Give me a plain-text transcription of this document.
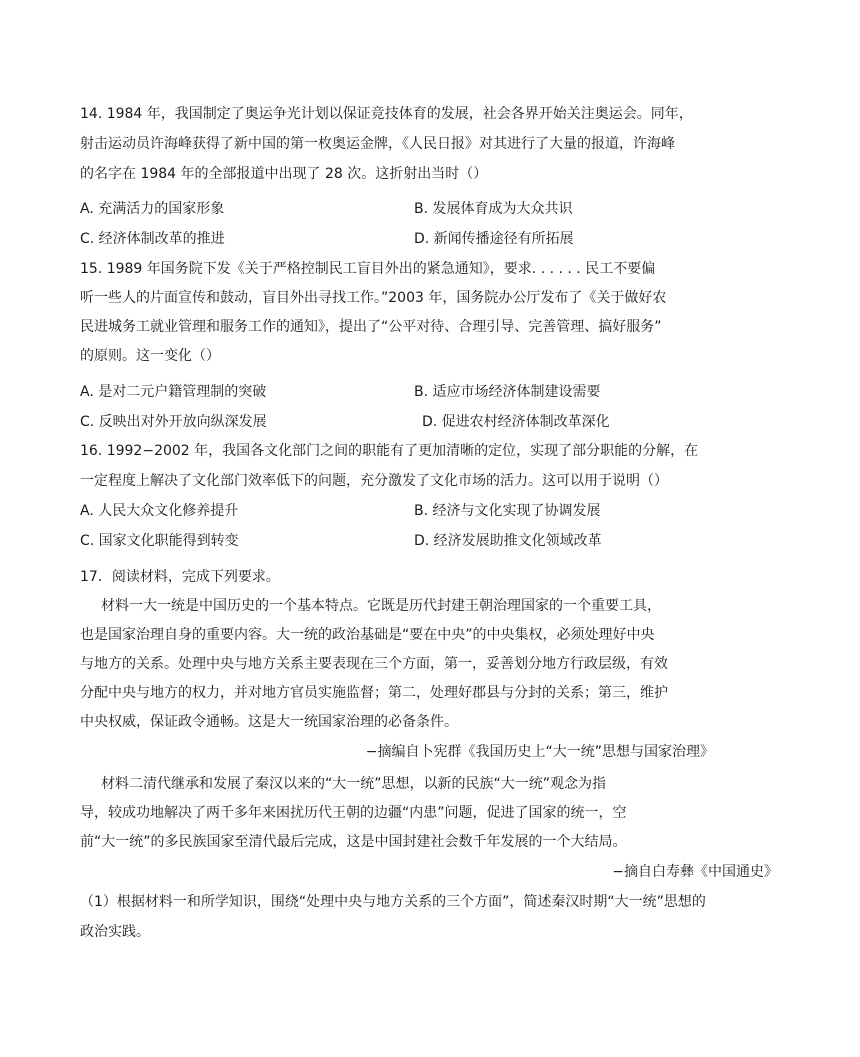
14. 1984 年，我国制定了奥运争光计划以保证竞技体育的发展，社会各界开始关注奥运会。同年，
射击运动员许海峰获得了新中国的第一枚奥运金牌，《人民日报》对其进行了大量的报道，许海峰
的名字在 1984 年的全部报道中出现了 28 次。这折射出当时（）
A. 充满活力的国家形象	B. 发展体育成为大众共识
C. 经济体制改革的推进	D. 新闻传播途径有所拓展
15. 1989 年国务院下发《关于严格控制民工盲目外出的紧急通知》，要求. . . . . . 民工不要偏
听一些人的片面宣传和鼓动，盲目外出寻找工作。”2003 年，国务院办公厅发布了《关于做好农
民进城务工就业管理和服务工作的通知》，提出了“公平对待、合理引导、完善管理、搞好服务”
的原则。这一变化（）
A. 是对二元户籍管理制的突破	B. 适应市场经济体制建设需要
C. 反映出对外开放向纵深发展	D. 促进农村经济体制改革深化
16. 1992−2002 年，我国各文化部门之间的职能有了更加清晰的定位，实现了部分职能的分解，在
一定程度上解决了文化部门效率低下的问题，充分激发了文化市场的活力。这可以用于说明（）
A. 人民大众文化修养提升	B. 经济与文化实现了协调发展
C. 国家文化职能得到转变	D. 经济发展助推文化领域改革
17．阅读材料，完成下列要求。
材料一大一统是中国历史的一个基本特点。它既是历代封建王朝治理国家的一个重要工具，
也是国家治理自身的重要内容。大一统的政治基础是“要在中央”的中央集权，必须处理好中央
与地方的关系。处理中央与地方关系主要表现在三个方面，第一，妥善划分地方行政层级，有效
分配中央与地方的权力，并对地方官员实施监督；第二，处理好郡县与分封的关系；第三，维护
中央权威，保证政令通畅。这是大一统国家治理的必备条件。
−摘编自卜宪群《我国历史上“大一统”思想与国家治理》
材料二清代继承和发展了秦汉以来的“大一统”思想，以新的民族“大一统”观念为指
导，较成功地解决了两千多年来困扰历代王朝的边疆“内患”问题，促进了国家的统一，空
前“大一统”的多民族国家至清代最后完成，这是中国封建社会数千年发展的一个大结局。
−摘自白寿彝《中国通史》
（1）根据材料一和所学知识，围绕“处理中央与地方关系的三个方面”，简述秦汉时期“大一统”思想的
政治实践。
